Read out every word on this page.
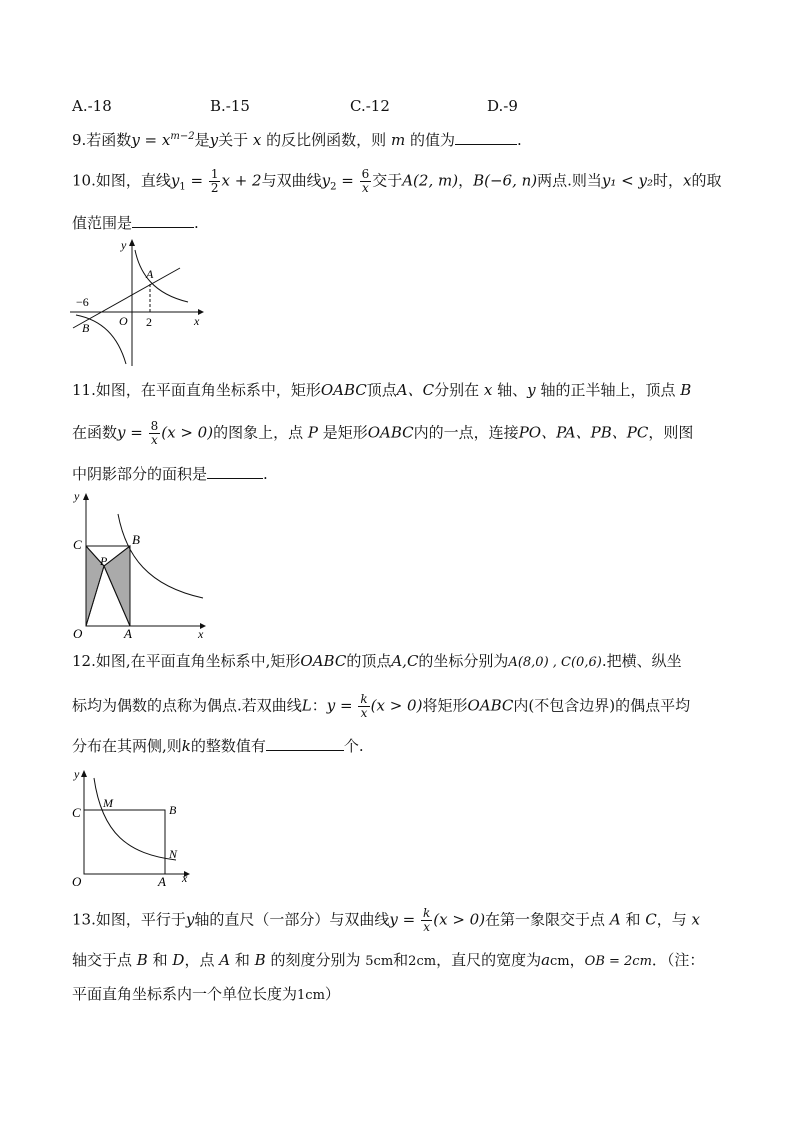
A.-18	B.-15	C.-12	D.-9
9.若函数$y = x^{m-2}$是y关于 x 的反比例函数，则 m 的值为	.
10.如图，直线$y_1 = \frac{1}{2}$ x + 2与双曲线$y_2 = \frac{6}{x}$ 交于A(2, m)，B(−6, n)两点.则当y₁ < y₂时，x的取
值范围是	.
y
A
B O	x
−6
2
11.如图，在平面直角坐标系中，矩形OABC顶点A、C分别在 x 轴、y 轴的正半轴上，顶点 B
在函数$y = \frac{8}{x} (x > 0)$的图象上，点 P 是矩形OABC内的一点，连接PO、PA、PB、PC，则图
中阴影部分的面积是	.
y
C	B
P
O	A	x
12.如图,在平面直角坐标系中,矩形OABC的顶点A,C的坐标分别为A(8,0) , C(0,6).把横、纵坐
标均为偶数的点称为偶点.若双曲线L：$y = \frac{k}{x} (x > 0)$将矩形OABC内(不包含边界)的偶点平均
分布在其两侧,则k的整数值有	个.
y
C
M	B
N
O	A x
13.如图，平行于y轴的直尺（一部分）与双曲线$y = \frac{k}{x} (x > 0)$在第一象限交于点 A 和 C，与 x
轴交于点 B 和 D，点 A 和 B 的刻度分别为 5cm和2cm，直尺的宽度为acm，OB = 2cm．（注：
平面直角坐标系内一个单位长度为1cm）
